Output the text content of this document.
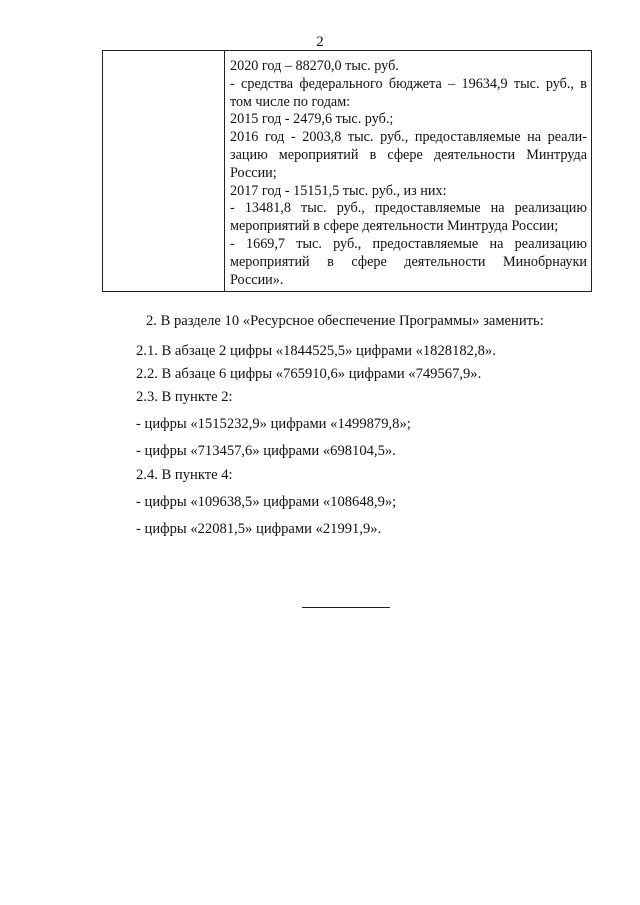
2
2020 год – 88270,0 тыс. руб.
- средства федерального бюджета – 19634,9 тыс. руб., в
том числе по годам:
2015 год - 2479,6 тыс. руб.;
2016 год - 2003,8 тыс. руб., предоставляемые на реали-
зацию мероприятий в сфере деятельности Минтруда
России;
2017 год - 15151,5 тыс. руб., из них:
- 13481,8 тыс. руб., предоставляемые на реализацию
мероприятий в сфере деятельности Минтруда России;
- 1669,7 тыс. руб., предоставляемые на реализацию
мероприятий в сфере деятельности Минобрнауки
России».
2. В разделе 10 «Ресурсное обеспечение Программы» заменить:
2.1. В абзаце 2 цифры «1844525,5» цифрами «1828182,8».
2.2. В абзаце 6 цифры «765910,6» цифрами «749567,9».
2.3. В пункте 2:
- цифры «1515232,9» цифрами «1499879,8»;
- цифры «713457,6» цифрами «698104,5».
2.4. В пункте 4:
- цифры «109638,5» цифрами «108648,9»;
- цифры «22081,5» цифрами «21991,9».
